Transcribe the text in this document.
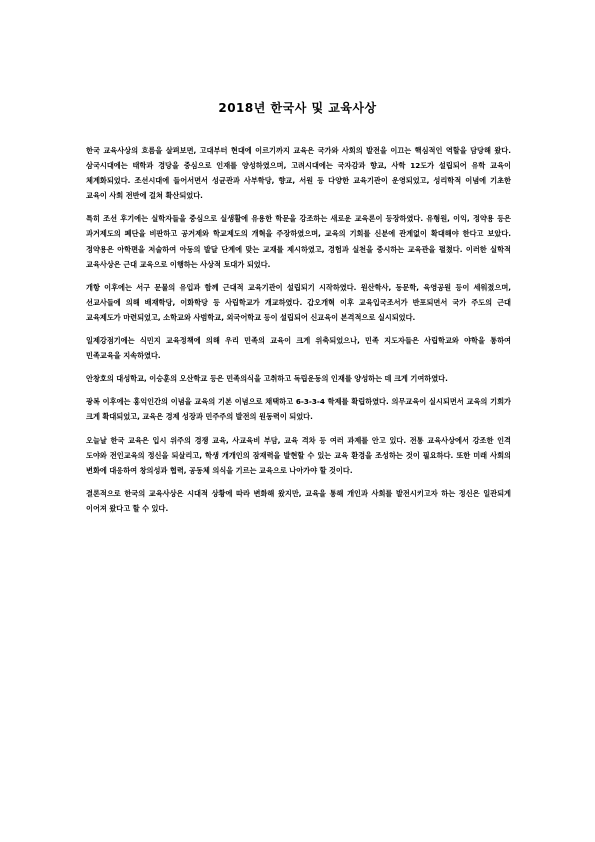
2018년 한국사 및 교육사상

한국 교육사상의 흐름을 살펴보면, 고대부터 현대에 이르기까지 교육은 국가와 사회의 발전을 이끄는 핵심적인 역할을 담당해 왔다. 삼국시대에는 태학과 경당을 중심으로 인재를 양성하였으며, 고려시대에는 국자감과 향교, 사학 12도가 설립되어 유학 교육이 체계화되었다. 조선시대에 들어서면서 성균관과 사부학당, 향교, 서원 등 다양한 교육기관이 운영되었고, 성리학적 이념에 기초한 교육이 사회 전반에 걸쳐 확산되었다.

특히 조선 후기에는 실학자들을 중심으로 실생활에 유용한 학문을 강조하는 새로운 교육론이 등장하였다. 유형원, 이익, 정약용 등은 과거제도의 폐단을 비판하고 공거제와 학교제도의 개혁을 주장하였으며, 교육의 기회를 신분에 관계없이 확대해야 한다고 보았다. 정약용은 아학편을 저술하여 아동의 발달 단계에 맞는 교재를 제시하였고, 경험과 실천을 중시하는 교육관을 펼쳤다. 이러한 실학적 교육사상은 근대 교육으로 이행하는 사상적 토대가 되었다.

개항 이후에는 서구 문물의 유입과 함께 근대적 교육기관이 설립되기 시작하였다. 원산학사, 동문학, 육영공원 등이 세워졌으며, 선교사들에 의해 배재학당, 이화학당 등 사립학교가 개교하였다. 갑오개혁 이후 교육입국조서가 반포되면서 국가 주도의 근대 교육제도가 마련되었고, 소학교와 사범학교, 외국어학교 등이 설립되어 신교육이 본격적으로 실시되었다.

일제강점기에는 식민지 교육정책에 의해 우리 민족의 교육이 크게 위축되었으나, 민족 지도자들은 사립학교와 야학을 통하여 민족교육을 지속하였다.

안창호의 대성학교, 이승훈의 오산학교 등은 민족의식을 고취하고 독립운동의 인재를 양성하는 데 크게 기여하였다.

광복 이후에는 홍익인간의 이념을 교육의 기본 이념으로 채택하고 6-3-3-4 학제를 확립하였다. 의무교육이 실시되면서 교육의 기회가 크게 확대되었고, 교육은 경제 성장과 민주주의 발전의 원동력이 되었다.

오늘날 한국 교육은 입시 위주의 경쟁 교육, 사교육비 부담, 교육 격차 등 여러 과제를 안고 있다. 전통 교육사상에서 강조한 인격 도야와 전인교육의 정신을 되살리고, 학생 개개인의 잠재력을 발현할 수 있는 교육 환경을 조성하는 것이 필요하다. 또한 미래 사회의 변화에 대응하여 창의성과 협력, 공동체 의식을 기르는 교육으로 나아가야 할 것이다.

결론적으로 한국의 교육사상은 시대적 상황에 따라 변화해 왔지만, 교육을 통해 개인과 사회를 발전시키고자 하는 정신은 일관되게 이어져 왔다고 할 수 있다.
